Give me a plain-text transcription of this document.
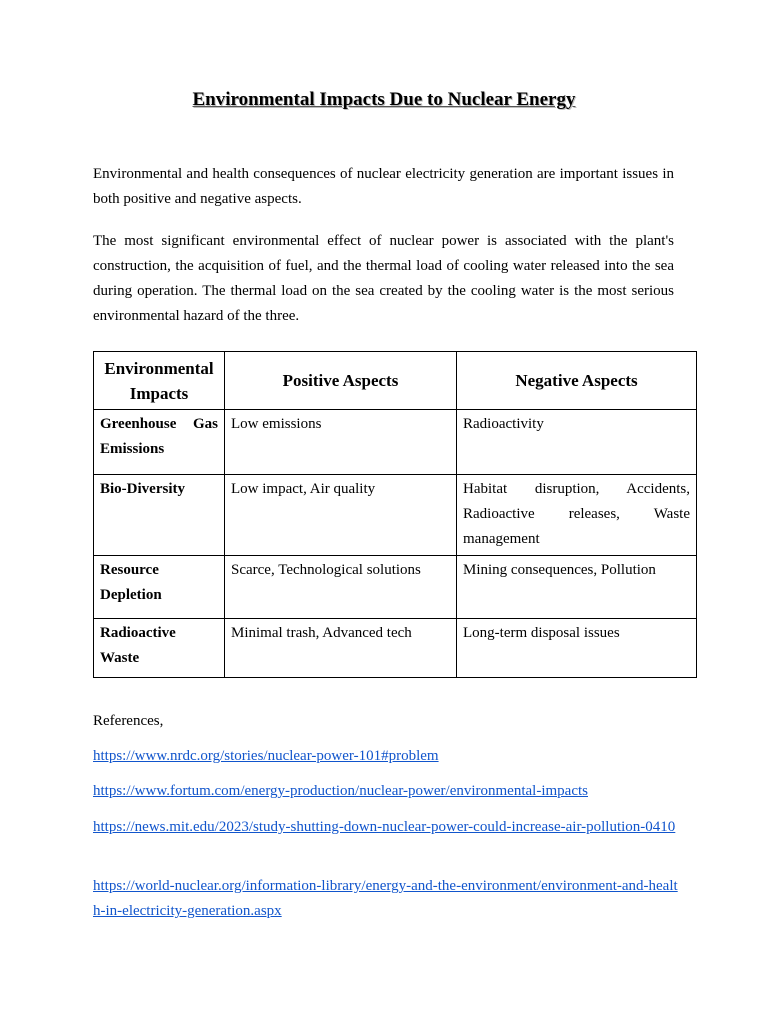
Environmental Impacts Due to Nuclear Energy

Environmental and health consequences of nuclear electricity generation are important issues in both positive and negative aspects.

The most significant environmental effect of nuclear power is associated with the plant's construction, the acquisition of fuel, and the thermal load of cooling water released into the sea during operation. The thermal load on the sea created by the cooling water is the most serious environmental hazard of the three.

Environmental Impacts	Positive Aspects	Negative Aspects
Greenhouse Gas Emissions	Low emissions	Radioactivity
Bio-Diversity	Low impact, Air quality	Habitat disruption, Accidents, Radioactive releases, Waste management
Resource Depletion	Scarce, Technological solutions	Mining consequences, Pollution
Radioactive Waste	Minimal trash, Advanced tech	Long-term disposal issues

References,

https://www.nrdc.org/stories/nuclear-power-101#problem
https://www.fortum.com/energy-production/nuclear-power/environmental-impacts
https://news.mit.edu/2023/study-shutting-down-nuclear-power-could-increase-air-pollution-0410
https://world-nuclear.org/information-library/energy-and-the-environment/environment-and-health-in-electricity-generation.aspx
